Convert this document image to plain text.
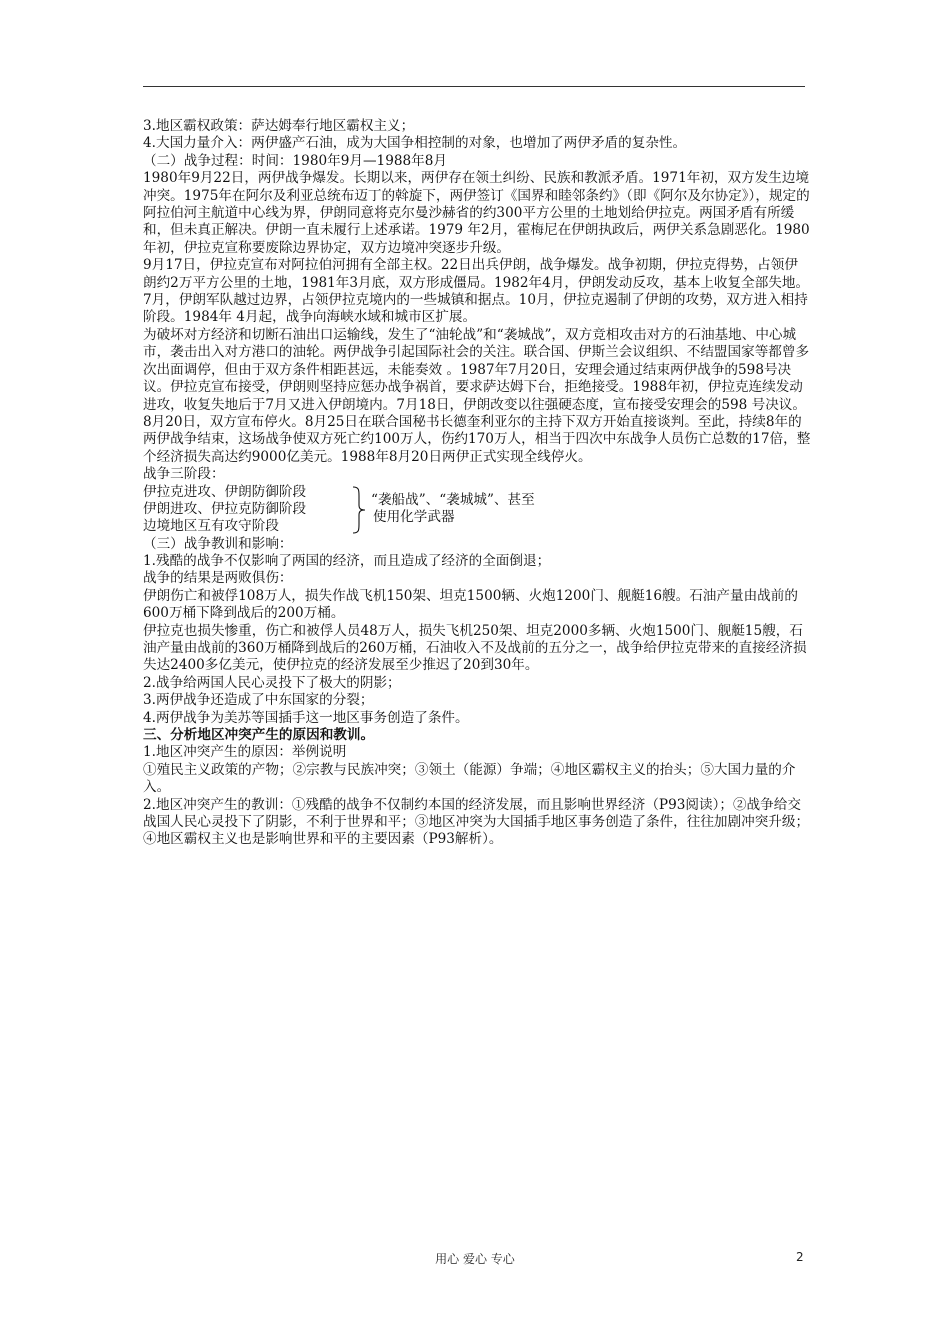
3.地区霸权政策：萨达姆奉行地区霸权主义；

4.大国力量介入：两伊盛产石油，成为大国争相控制的对象，也增加了两伊矛盾的复杂性。

（二）战争过程：时间：1980年9月—1988年8月

1980年9月22日，两伊战争爆发。长期以来，两伊存在领土纠纷、民族和教派矛盾。1971年初，双方发生边境冲突。1975年在阿尔及利亚总统布迈丁的斡旋下，两伊签订《国界和睦邻条约》（即《阿尔及尔协定》），规定的阿拉伯河主航道中心线为界，伊朗同意将克尔曼沙赫省的约300平方公里的土地划给伊拉克。两国矛盾有所缓和，但未真正解决。伊朗一直未履行上述承诺。1979 年2月，霍梅尼在伊朗执政后，两伊关系急剧恶化。1980年初，伊拉克宣称要废除边界协定，双方边境冲突逐步升级。

9月17日，伊拉克宣布对阿拉伯河拥有全部主权。22日出兵伊朗，战争爆发。战争初期，伊拉克得势，占领伊朗约2万平方公里的土地，1981年3月底，双方形成僵局。1982年4月，伊朗发动反攻，基本上收复全部失地。7月，伊朗军队越过边界，占领伊拉克境内的一些城镇和据点。10月，伊拉克遏制了伊朗的攻势，双方进入相持阶段。1984年 4月起，战争向海峡水域和城市区扩展。

为破坏对方经济和切断石油出口运输线，发生了“油轮战”和“袭城战”，双方竞相攻击对方的石油基地、中心城市，袭击出入对方港口的油轮。两伊战争引起国际社会的关注。联合国、伊斯兰会议组织、不结盟国家等都曾多次出面调停，但由于双方条件相距甚远，未能奏效 。1987年7月20日，安理会通过结束两伊战争的598号决议。伊拉克宣布接受，伊朗则坚持应惩办战争祸首，要求萨达姆下台，拒绝接受。1988年初，伊拉克连续发动进攻，收复失地后于7月又进入伊朗境内。7月18日，伊朗改变以往强硬态度，宣布接受安理会的598 号决议。8月20日，双方宣布停火。8月25日在联合国秘书长德奎利亚尔的主持下双方开始直接谈判。至此，持续8年的两伊战争结束，这场战争使双方死亡约100万人，伤约170万人，相当于四次中东战争人员伤亡总数的17倍，整个经济损失高达约9000亿美元。1988年8月20日两伊正式实现全线停火。

战争三阶段：

伊拉克进攻、伊朗防御阶段
伊朗进攻、伊拉克防御阶段
边境地区互有攻守阶段
“袭船战”、“袭城城”、甚至
使用化学武器

（三）战争教训和影响：

1.残酷的战争不仅影响了两国的经济，而且造成了经济的全面倒退；

战争的结果是两败俱伤：

伊朗伤亡和被俘108万人，损失作战飞机150架、坦克1500辆、火炮1200门、舰艇16艘。石油产量由战前的600万桶下降到战后的200万桶。

伊拉克也损失惨重，伤亡和被俘人员48万人，损失飞机250架、坦克2000多辆、火炮1500门、舰艇15艘，石油产量由战前的360万桶降到战后的260万桶，石油收入不及战前的五分之一，战争给伊拉克带来的直接经济损失达2400多亿美元，使伊拉克的经济发展至少推迟了20到30年。

2.战争给两国人民心灵投下了极大的阴影；

3.两伊战争还造成了中东国家的分裂；

4.两伊战争为美苏等国插手这一地区事务创造了条件。

三、分析地区冲突产生的原因和教训。

1.地区冲突产生的原因：举例说明

①殖民主义政策的产物；②宗教与民族冲突；③领土（能源）争端；④地区霸权主义的抬头；⑤大国力量的介入。

2.地区冲突产生的教训：①残酷的战争不仅制约本国的经济发展，而且影响世界经济（P93阅读）；②战争给交战国人民心灵投下了阴影，不利于世界和平；③地区冲突为大国插手地区事务创造了条件，往往加剧冲突升级；④地区霸权主义也是影响世界和平的主要因素（P93解析）。

用心 爱心 专心	2
